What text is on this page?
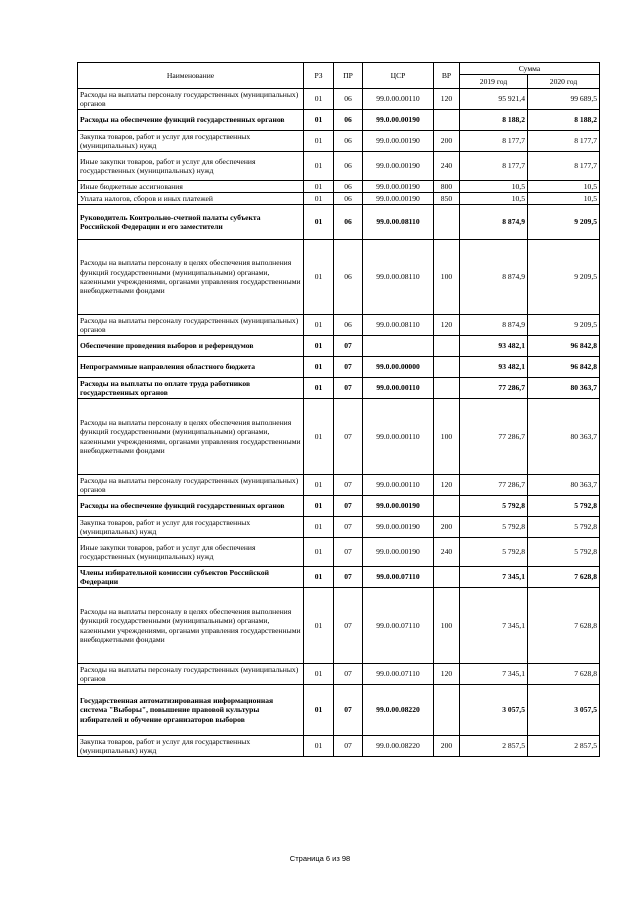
Наименование	РЗ	ПР	ЦСР	ВР	Сумма	
					2019 год	2020 год
Расходы на выплаты персоналу государственных (муниципальных) органов	01	06	99.0.00.00110	120	95 921,4	99 689,5
Расходы на обеспечение функций государственных органов	01	06	99.0.00.00190		8 188,2	8 188,2
Закупка товаров, работ и услуг для государственных (муниципальных) нужд	01	06	99.0.00.00190	200	8 177,7	8 177,7
Иные закупки товаров, работ и услуг для обеспечения государственных (муниципальных) нужд	01	06	99.0.00.00190	240	8 177,7	8 177,7
Иные бюджетные ассигнования	01	06	99.0.00.00190	800	10,5	10,5
Уплата налогов, сборов и иных платежей	01	06	99.0.00.00190	850	10,5	10,5
Руководитель Контрольно-счетной палаты субъекта Российской Федерации и его заместители	01	06	99.0.00.08110		8 874,9	9 209,5
Расходы на выплаты персоналу в целях обеспечения выполнения функций государственными (муниципальными) органами, казенными учреждениями, органами управления государственными внебюджетными фондами	01	06	99.0.00.08110	100	8 874,9	9 209,5
Расходы на выплаты персоналу государственных (муниципальных) органов	01	06	99.0.00.08110	120	8 874,9	9 209,5
Обеспечение проведения выборов и референдумов	01	07			93 482,1	96 842,8
Непрограммные направления областного бюджета	01	07	99.0.00.00000		93 482,1	96 842,8
Расходы на выплаты по оплате труда работников государственных органов	01	07	99.0.00.00110		77 286,7	80 363,7
Расходы на выплаты персоналу в целях обеспечения выполнения функций государственными (муниципальными) органами, казенными учреждениями, органами управления государственными внебюджетными фондами	01	07	99.0.00.00110	100	77 286,7	80 363,7
Расходы на выплаты персоналу государственных (муниципальных) органов	01	07	99.0.00.00110	120	77 286,7	80 363,7
Расходы на обеспечение функций государственных органов	01	07	99.0.00.00190		5 792,8	5 792,8
Закупка товаров, работ и услуг для государственных (муниципальных) нужд	01	07	99.0.00.00190	200	5 792,8	5 792,8
Иные закупки товаров, работ и услуг для обеспечения государственных (муниципальных) нужд	01	07	99.0.00.00190	240	5 792,8	5 792,8
Члены избирательной комиссии субъектов Российской Федерации	01	07	99.0.00.07110		7 345,1	7 628,8
Расходы на выплаты персоналу в целях обеспечения выполнения функций государственными (муниципальными) органами, казенными учреждениями, органами управления государственными внебюджетными фондами	01	07	99.0.00.07110	100	7 345,1	7 628,8
Расходы на выплаты персоналу государственных (муниципальных) органов	01	07	99.0.00.07110	120	7 345,1	7 628,8
Государственная автоматизированная информационная система "Выборы", повышение правовой культуры избирателей и обучение организаторов выборов	01	07	99.0.00.08220		3 057,5	3 057,5
Закупка товаров, работ и услуг для государственных (муниципальных) нужд	01	07	99.0.00.08220	200	2 857,5	2 857,5
Страница 6 из 98
